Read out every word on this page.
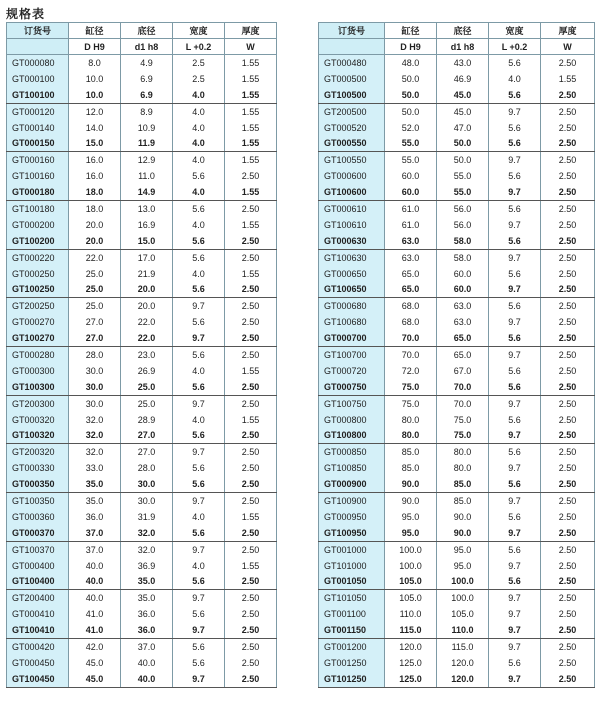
规格表
订货号	缸径	底径	宽度	厚度
	D H9	d1 h8	L +0.2	W
GT000080	8.0	4.9	2.5	1.55
GT000100	10.0	6.9	2.5	1.55
GT100100	10.0	6.9	4.0	1.55
GT000120	12.0	8.9	4.0	1.55
GT000140	14.0	10.9	4.0	1.55
GT000150	15.0	11.9	4.0	1.55
GT000160	16.0	12.9	4.0	1.55
GT100160	16.0	11.0	5.6	2.50
GT000180	18.0	14.9	4.0	1.55
GT100180	18.0	13.0	5.6	2.50
GT000200	20.0	16.9	4.0	1.55
GT100200	20.0	15.0	5.6	2.50
GT000220	22.0	17.0	5.6	2.50
GT000250	25.0	21.9	4.0	1.55
GT100250	25.0	20.0	5.6	2.50
GT200250	25.0	20.0	9.7	2.50
GT000270	27.0	22.0	5.6	2.50
GT100270	27.0	22.0	9.7	2.50
GT000280	28.0	23.0	5.6	2.50
GT000300	30.0	26.9	4.0	1.55
GT100300	30.0	25.0	5.6	2.50
GT200300	30.0	25.0	9.7	2.50
GT000320	32.0	28.9	4.0	1.55
GT100320	32.0	27.0	5.6	2.50
GT200320	32.0	27.0	9.7	2.50
GT000330	33.0	28.0	5.6	2.50
GT000350	35.0	30.0	5.6	2.50
GT100350	35.0	30.0	9.7	2.50
GT000360	36.0	31.9	4.0	1.55
GT000370	37.0	32.0	5.6	2.50
GT100370	37.0	32.0	9.7	2.50
GT000400	40.0	36.9	4.0	1.55
GT100400	40.0	35.0	5.6	2.50
GT200400	40.0	35.0	9.7	2.50
GT000410	41.0	36.0	5.6	2.50
GT100410	41.0	36.0	9.7	2.50
GT000420	42.0	37.0	5.6	2.50
GT000450	45.0	40.0	5.6	2.50
GT100450	45.0	40.0	9.7	2.50
订货号	缸径	底径	宽度	厚度
	D H9	d1 h8	L +0.2	W
GT000480	48.0	43.0	5.6	2.50
GT000500	50.0	46.9	4.0	1.55
GT100500	50.0	45.0	5.6	2.50
GT200500	50.0	45.0	9.7	2.50
GT000520	52.0	47.0	5.6	2.50
GT000550	55.0	50.0	5.6	2.50
GT100550	55.0	50.0	9.7	2.50
GT000600	60.0	55.0	5.6	2.50
GT100600	60.0	55.0	9.7	2.50
GT000610	61.0	56.0	5.6	2.50
GT100610	61.0	56.0	9.7	2.50
GT000630	63.0	58.0	5.6	2.50
GT100630	63.0	58.0	9.7	2.50
GT000650	65.0	60.0	5.6	2.50
GT100650	65.0	60.0	9.7	2.50
GT000680	68.0	63.0	5.6	2.50
GT100680	68.0	63.0	9.7	2.50
GT000700	70.0	65.0	5.6	2.50
GT100700	70.0	65.0	9.7	2.50
GT000720	72.0	67.0	5.6	2.50
GT000750	75.0	70.0	5.6	2.50
GT100750	75.0	70.0	9.7	2.50
GT000800	80.0	75.0	5.6	2.50
GT100800	80.0	75.0	9.7	2.50
GT000850	85.0	80.0	5.6	2.50
GT100850	85.0	80.0	9.7	2.50
GT000900	90.0	85.0	5.6	2.50
GT100900	90.0	85.0	9.7	2.50
GT000950	95.0	90.0	5.6	2.50
GT100950	95.0	90.0	9.7	2.50
GT001000	100.0	95.0	5.6	2.50
GT101000	100.0	95.0	9.7	2.50
GT001050	105.0	100.0	5.6	2.50
GT101050	105.0	100.0	9.7	2.50
GT001100	110.0	105.0	9.7	2.50
GT001150	115.0	110.0	9.7	2.50
GT001200	120.0	115.0	9.7	2.50
GT001250	125.0	120.0	5.6	2.50
GT101250	125.0	120.0	9.7	2.50
